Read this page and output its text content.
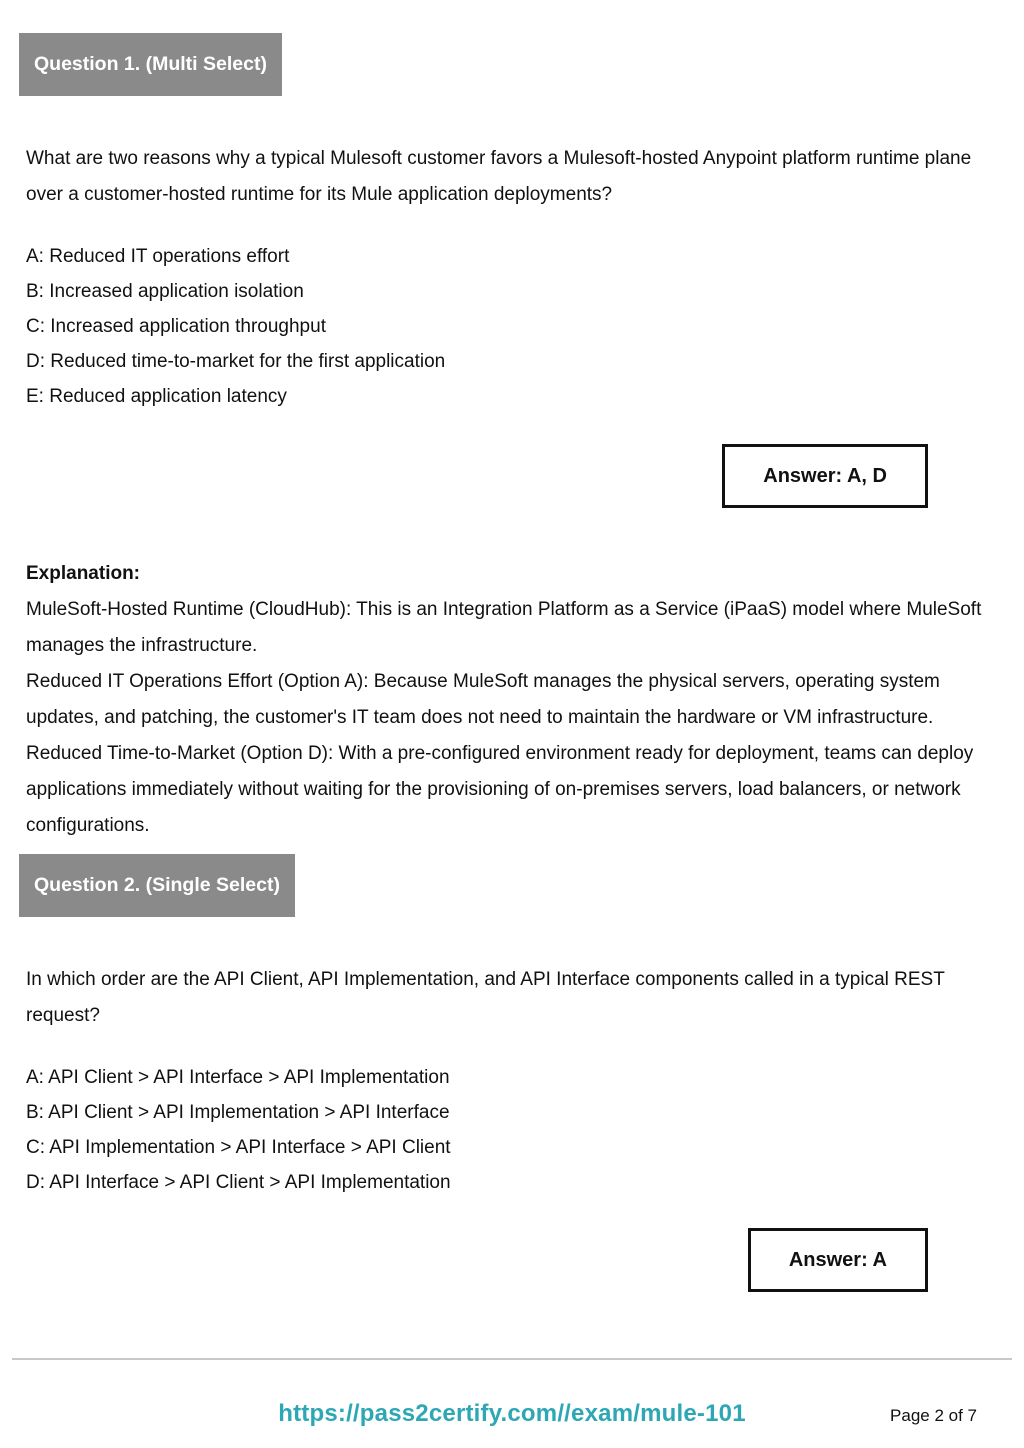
Question 1. (Multi Select)

What are two reasons why a typical Mulesoft customer favors a Mulesoft-hosted Anypoint platform runtime plane over a customer-hosted runtime for its Mule application deployments?

A: Reduced IT operations effort
B: Increased application isolation
C: Increased application throughput
D: Reduced time-to-market for the first application
E: Reduced application latency
Answer: A, D

Explanation:

MuleSoft-Hosted Runtime (CloudHub): This is an Integration Platform as a Service (iPaaS) model where MuleSoft manages the infrastructure.

Reduced IT Operations Effort (Option A): Because MuleSoft manages the physical servers, operating system updates, and patching, the customer's IT team does not need to maintain the hardware or VM infrastructure.

Reduced Time-to-Market (Option D): With a pre-configured environment ready for deployment, teams can deploy applications immediately without waiting for the provisioning of on-premises servers, load balancers, or network configurations.

Question 2. (Single Select)

In which order are the API Client, API Implementation, and API Interface components called in a typical REST request?

A: API Client > API Interface > API Implementation
B: API Client > API Implementation > API Interface
C: API Implementation > API Interface > API Client
D: API Interface > API Client > API Implementation
Answer: A
https://pass2certify.com//exam/mule-101	Page 2 of 7
